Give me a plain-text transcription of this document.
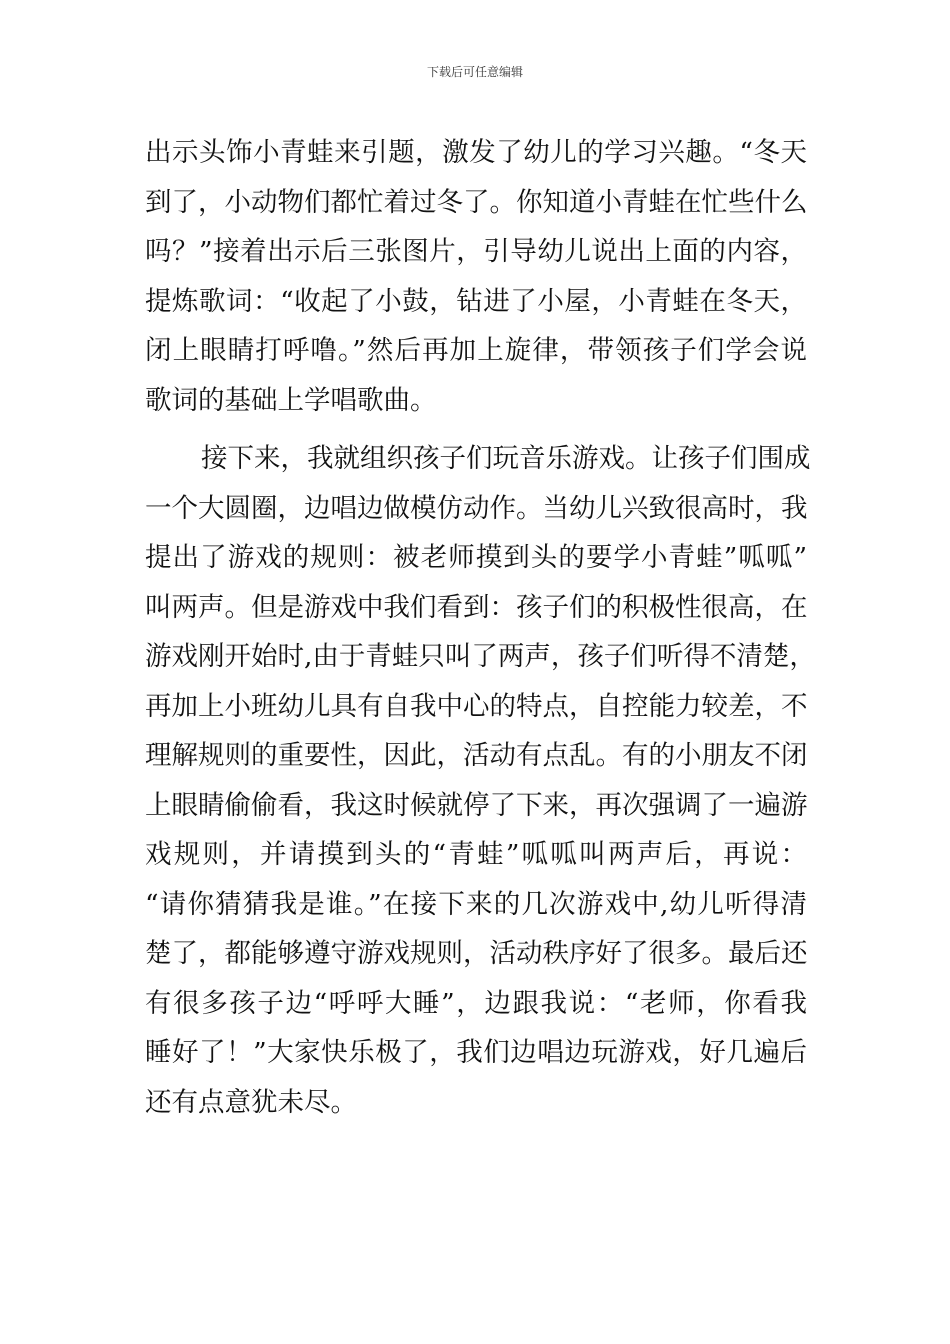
下载后可任意编辑
出示头饰小青蛙来引题，激发了幼儿的学习兴趣。“冬天
到了，小动物们都忙着过冬了。你知道小青蛙在忙些什么
吗？”接着出示后三张图片，引导幼儿说出上面的内容，
提炼歌词：“收起了小鼓，钻进了小屋，小青蛙在冬天，
闭上眼睛打呼噜。”然后再加上旋律，带领孩子们学会说
歌词的基础上学唱歌曲。
接下来，我就组织孩子们玩音乐游戏。让孩子们围成
一个大圆圈，边唱边做模仿动作。当幼儿兴致很高时，我
提出了游戏的规则：被老师摸到头的要学小青蛙”呱呱”
叫两声。但是游戏中我们看到：孩子们的积极性很高，在
游戏刚开始时,由于青蛙只叫了两声，孩子们听得不清楚，
再加上小班幼儿具有自我中心的特点，自控能力较差，不
理解规则的重要性，因此，活动有点乱。有的小朋友不闭
上眼睛偷偷看，我这时候就停了下来，再次强调了一遍游
戏规则，并请摸到头的“青蛙”呱呱叫两声后，再说：
“请你猜猜我是谁。”在接下来的几次游戏中,幼儿听得清
楚了，都能够遵守游戏规则，活动秩序好了很多。最后还
有很多孩子边“呼呼大睡”，边跟我说：“老师，你看我
睡好了！”大家快乐极了，我们边唱边玩游戏，好几遍后
还有点意犹未尽。
